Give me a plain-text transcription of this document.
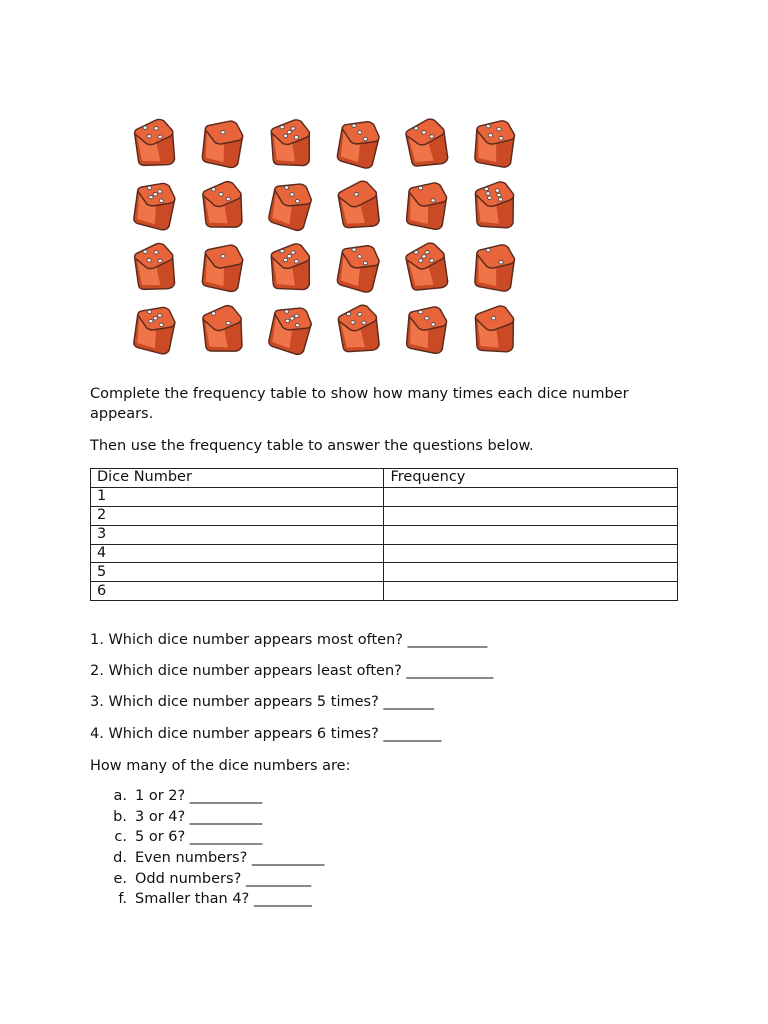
Complete the frequency table to show how many times each dice number appears.

Then use the frequency table to answer the questions below.

Dice Number	Frequency
1	
2	
3	
4	
5	
6	

1. Which dice number appears most often? ___________

2. Which dice number appears least often? ____________

3. Which dice number appears 5 times? _______

4. Which dice number appears 6 times? ________

How many of the dice numbers are:

a. 1 or 2? __________
b. 3 or 4? __________
c. 5 or 6? __________
d. Even numbers? __________
e. Odd numbers? _________
f. Smaller than 4? ________
